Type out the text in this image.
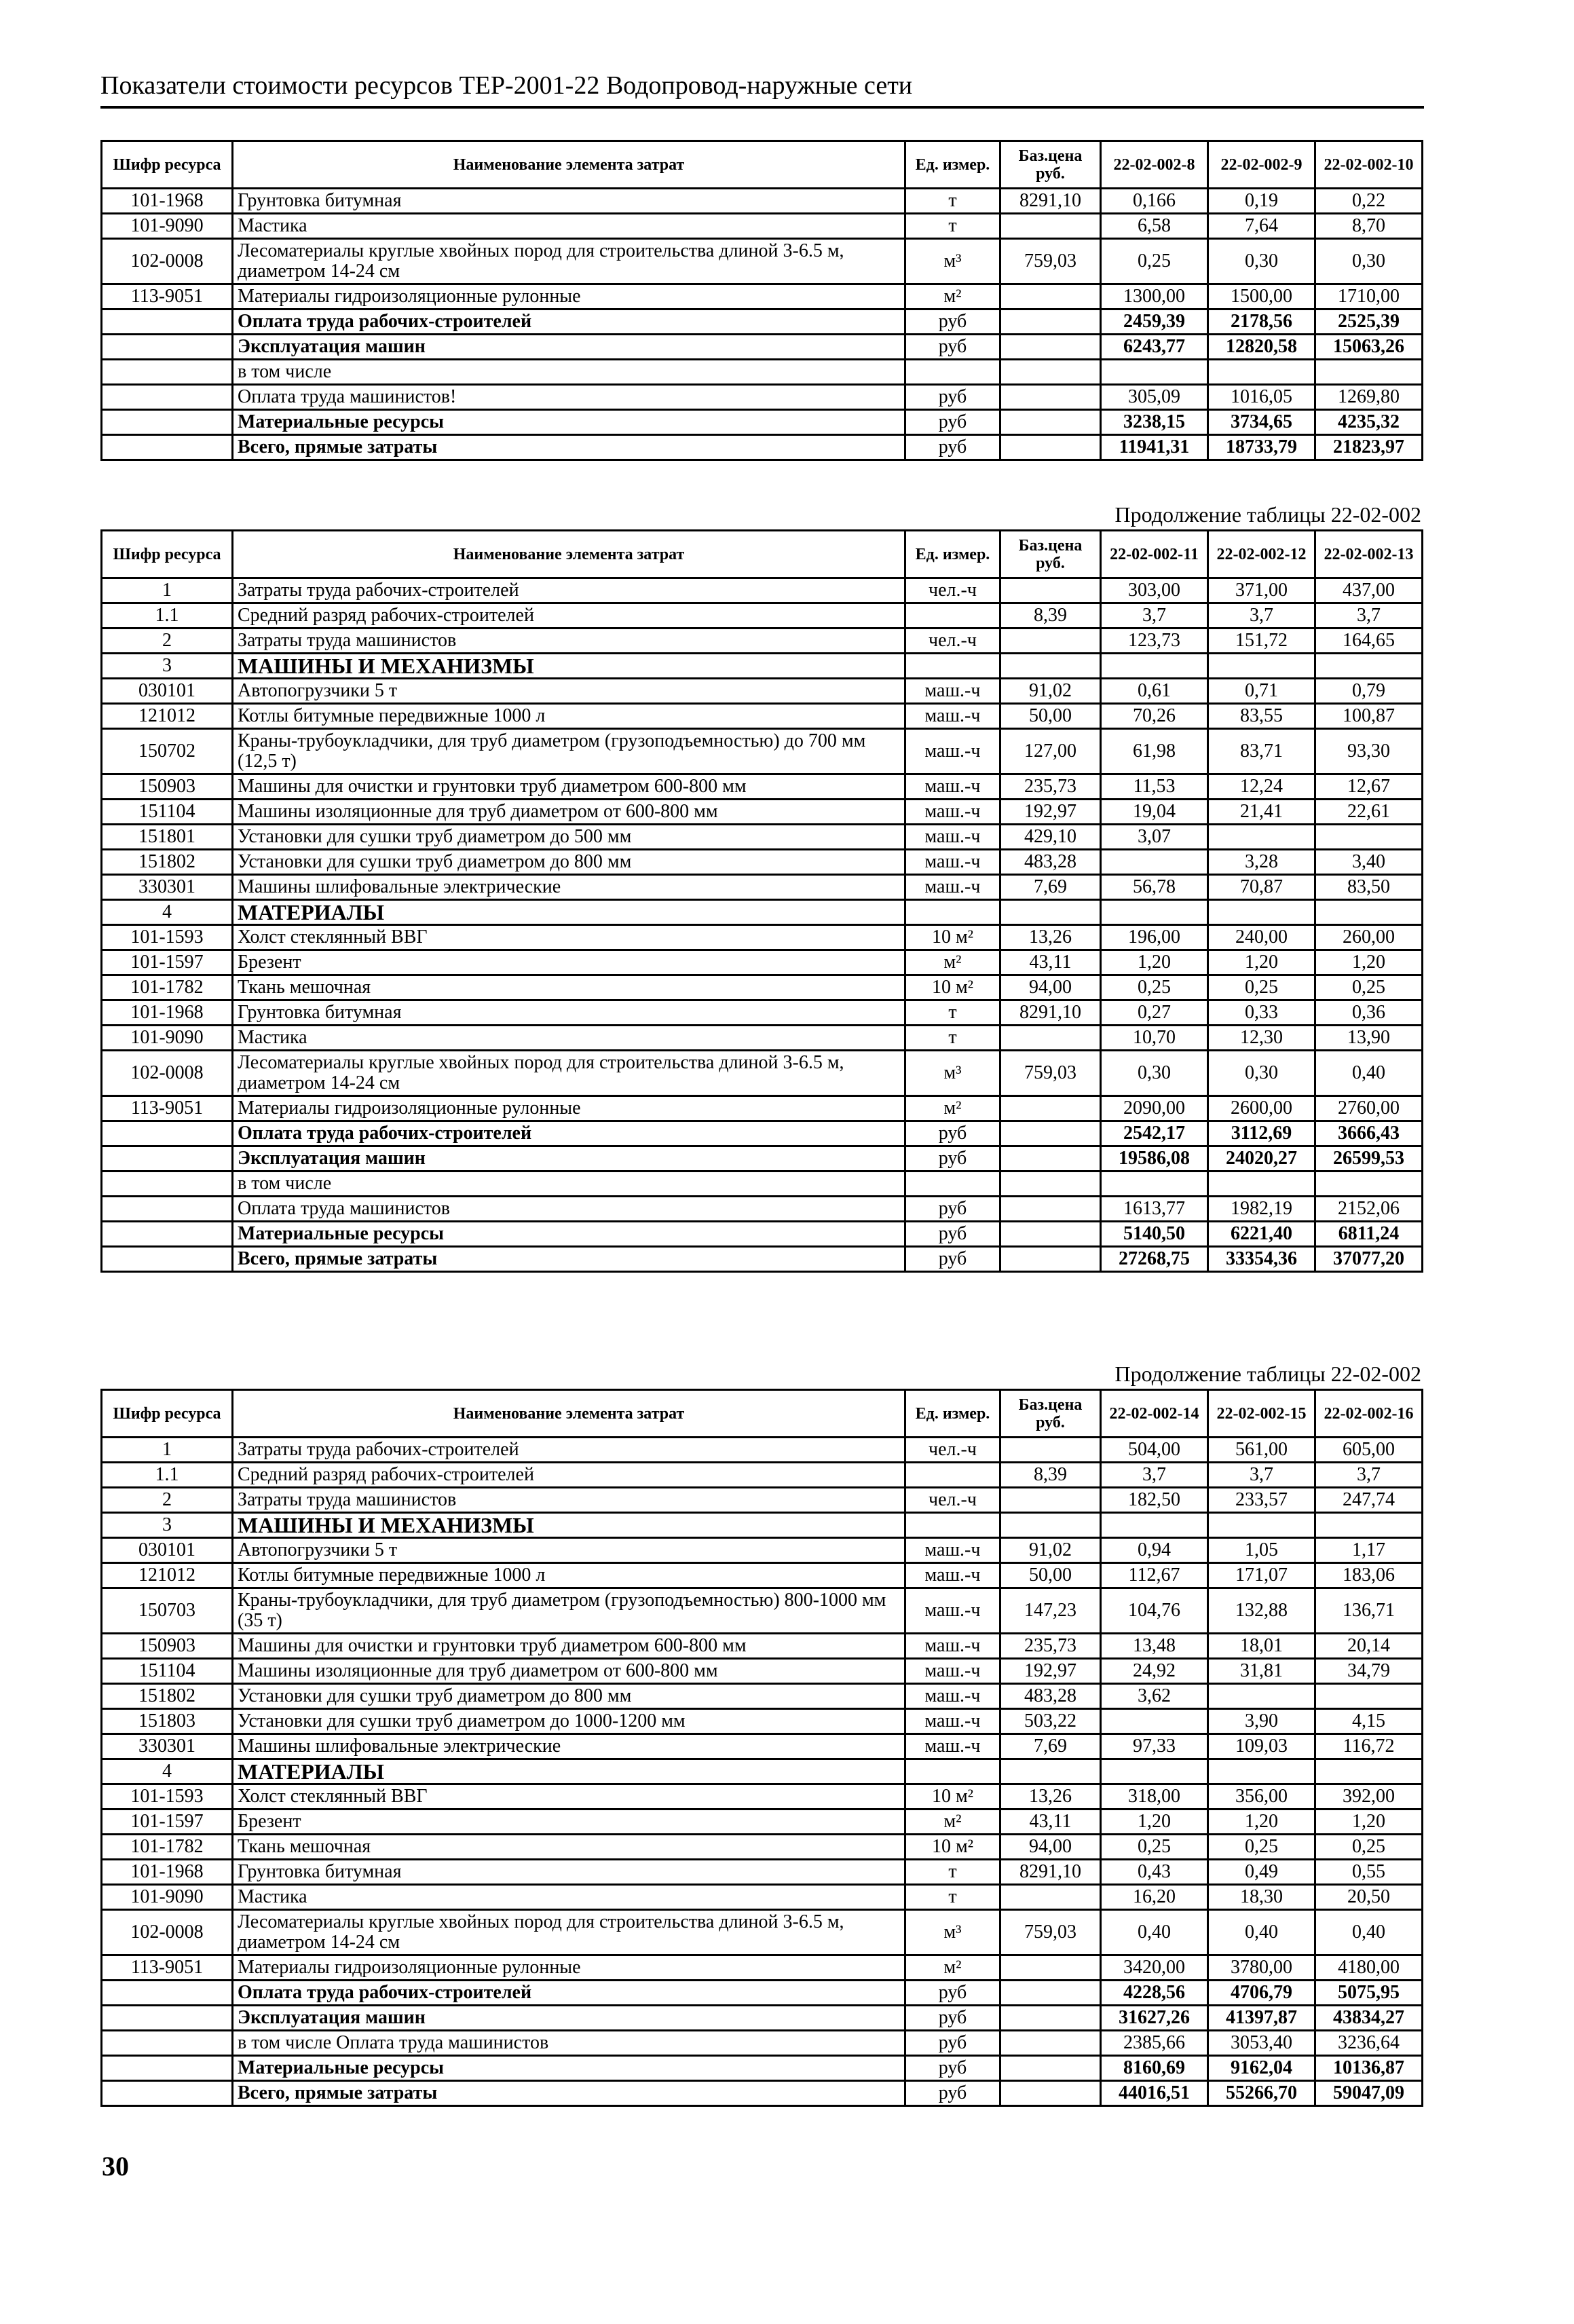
Показатели стоимости ресурсов ТЕР-2001-22 Водопровод-наружные сети
Продолжение таблицы 22-02-002
Продолжение таблицы 22-02-002
Шифр ресурса	Наименование элемента затрат	Ед. измер.	Баз.цена руб.	22-02-002-8	22-02-002-9	22-02-002-10
101-1968	Грунтовка битумная	т	8291,10	0,166	0,19	0,22
101-9090	Мастика	т		6,58	7,64	8,70
102-0008	Лесоматериалы круглые хвойных пород для строительства длиной 3-6.5 м, диаметром 14-24 см	м³	759,03	0,25	0,30	0,30
113-9051	Материалы гидроизоляционные рулонные	м²		1300,00	1500,00	1710,00
	Оплата труда рабочих-строителей	руб		2459,39	2178,56	2525,39
	Эксплуатация машин	руб		6243,77	12820,58	15063,26
	в том числе					
	Оплата труда машинистов!	руб		305,09	1016,05	1269,80
	Материальные ресурсы	руб		3238,15	3734,65	4235,32
	Всего, прямые затраты	руб		11941,31	18733,79	21823,97
Шифр ресурса	Наименование элемента затрат	Ед. измер.	Баз.цена руб.	22-02-002-11	22-02-002-12	22-02-002-13
1	Затраты труда рабочих-строителей	чел.-ч		303,00	371,00	437,00
1.1	Средний разряд рабочих-строителей		8,39	3,7	3,7	3,7
2	Затраты труда машинистов	чел.-ч		123,73	151,72	164,65
3	МАШИНЫ И МЕХАНИЗМЫ					
030101	Автопогрузчики 5 т	маш.-ч	91,02	0,61	0,71	0,79
121012	Котлы битумные передвижные 1000 л	маш.-ч	50,00	70,26	83,55	100,87
150702	Краны-трубоукладчики, для труб диаметром (грузоподъемностью) до 700 мм (12,5 т)	маш.-ч	127,00	61,98	83,71	93,30
150903	Машины для очистки и грунтовки труб диаметром 600-800 мм	маш.-ч	235,73	11,53	12,24	12,67
151104	Машины изоляционные для труб диаметром от 600-800 мм	маш.-ч	192,97	19,04	21,41	22,61
151801	Установки для сушки труб диаметром до 500 мм	маш.-ч	429,10	3,07		
151802	Установки для сушки труб диаметром до 800 мм	маш.-ч	483,28		3,28	3,40
330301	Машины шлифовальные электрические	маш.-ч	7,69	56,78	70,87	83,50
4	МАТЕРИАЛЫ					
101-1593	Холст стеклянный ВВГ	10 м²	13,26	196,00	240,00	260,00
101-1597	Брезент	м²	43,11	1,20	1,20	1,20
101-1782	Ткань мешочная	10 м²	94,00	0,25	0,25	0,25
101-1968	Грунтовка битумная	т	8291,10	0,27	0,33	0,36
101-9090	Мастика	т		10,70	12,30	13,90
102-0008	Лесоматериалы круглые хвойных пород для строительства длиной 3-6.5 м, диаметром 14-24 см	м³	759,03	0,30	0,30	0,40
113-9051	Материалы гидроизоляционные рулонные	м²		2090,00	2600,00	2760,00
	Оплата труда рабочих-строителей	руб		2542,17	3112,69	3666,43
	Эксплуатация машин	руб		19586,08	24020,27	26599,53
	в том числе					
	Оплата труда машинистов	руб		1613,77	1982,19	2152,06
	Материальные ресурсы	руб		5140,50	6221,40	6811,24
	Всего, прямые затраты	руб		27268,75	33354,36	37077,20
Шифр ресурса	Наименование элемента затрат	Ед. измер.	Баз.цена руб.	22-02-002-14	22-02-002-15	22-02-002-16
1	Затраты труда рабочих-строителей	чел.-ч		504,00	561,00	605,00
1.1	Средний разряд рабочих-строителей		8,39	3,7	3,7	3,7
2	Затраты труда машинистов	чел.-ч		182,50	233,57	247,74
3	МАШИНЫ И МЕХАНИЗМЫ					
030101	Автопогрузчики 5 т	маш.-ч	91,02	0,94	1,05	1,17
121012	Котлы битумные передвижные 1000 л	маш.-ч	50,00	112,67	171,07	183,06
150703	Краны-трубоукладчики, для труб диаметром (грузоподъемностью) 800-1000 мм (35 т)	маш.-ч	147,23	104,76	132,88	136,71
150903	Машины для очистки и грунтовки труб диаметром 600-800 мм	маш.-ч	235,73	13,48	18,01	20,14
151104	Машины изоляционные для труб диаметром от 600-800 мм	маш.-ч	192,97	24,92	31,81	34,79
151802	Установки для сушки труб диаметром до 800 мм	маш.-ч	483,28	3,62		
151803	Установки для сушки труб диаметром до 1000-1200 мм	маш.-ч	503,22		3,90	4,15
330301	Машины шлифовальные электрические	маш.-ч	7,69	97,33	109,03	116,72
4	МАТЕРИАЛЫ					
101-1593	Холст стеклянный ВВГ	10 м²	13,26	318,00	356,00	392,00
101-1597	Брезент	м²	43,11	1,20	1,20	1,20
101-1782	Ткань мешочная	10 м²	94,00	0,25	0,25	0,25
101-1968	Грунтовка битумная	т	8291,10	0,43	0,49	0,55
101-9090	Мастика	т		16,20	18,30	20,50
102-0008	Лесоматериалы круглые хвойных пород для строительства длиной 3-6.5 м, диаметром 14-24 см	м³	759,03	0,40	0,40	0,40
113-9051	Материалы гидроизоляционные рулонные	м²		3420,00	3780,00	4180,00
	Оплата труда рабочих-строителей	руб		4228,56	4706,79	5075,95
	Эксплуатация машин	руб		31627,26	41397,87	43834,27
	в том числе Оплата труда машинистов	руб		2385,66	3053,40	3236,64
	Материальные ресурсы	руб		8160,69	9162,04	10136,87
	Всего, прямые затраты	руб		44016,51	55266,70	59047,09
30
